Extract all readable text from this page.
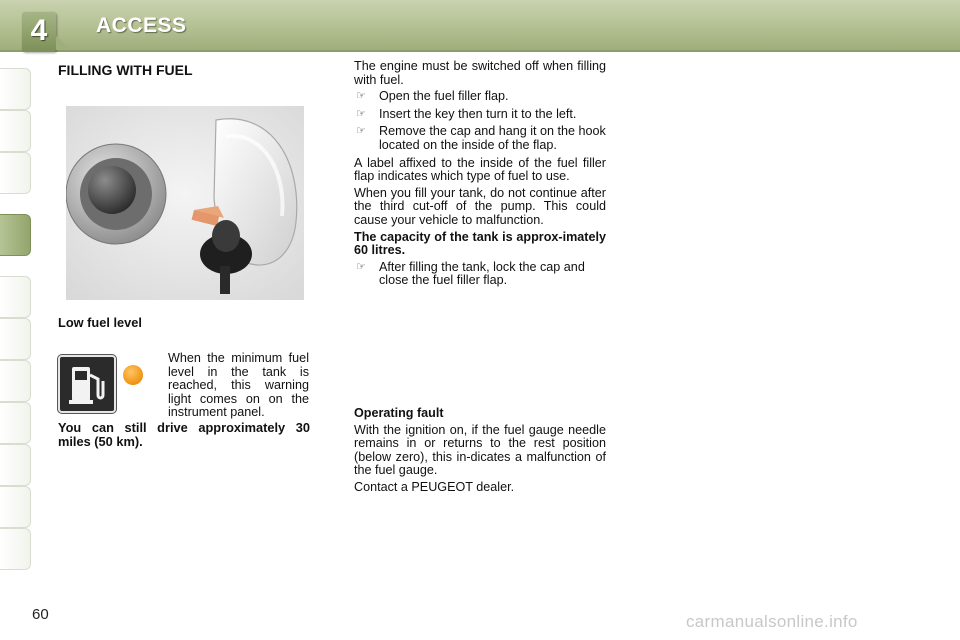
4	ACCESS
FILLING WITH FUEL
Low fuel level
When the minimum fuel level in the tank is reached, this warning light comes on on the instrument panel.
You can still drive approximately 30 miles (50 km).

The engine must be switched off when filling with fuel.

☞ Open the fuel filler flap.
☞ Insert the key then turn it to the left.
☞ Remove the cap and hang it on the hook located on the inside of the flap.

A label affixed to the inside of the fuel filler flap indicates which type of fuel to use.

When you fill your tank, do not continue after the third cut-off of the pump. This could cause your vehicle to malfunction.

The capacity of the tank is approx-imately 60 litres.

☞ After filling the tank, lock the cap and close the fuel filler flap.

Operating fault

With the ignition on, if the fuel gauge needle remains in or returns to the rest position (below zero), this in-dicates a malfunction of the fuel gauge.

Contact a PEUGEOT dealer.

60	carmanualsonline.info
